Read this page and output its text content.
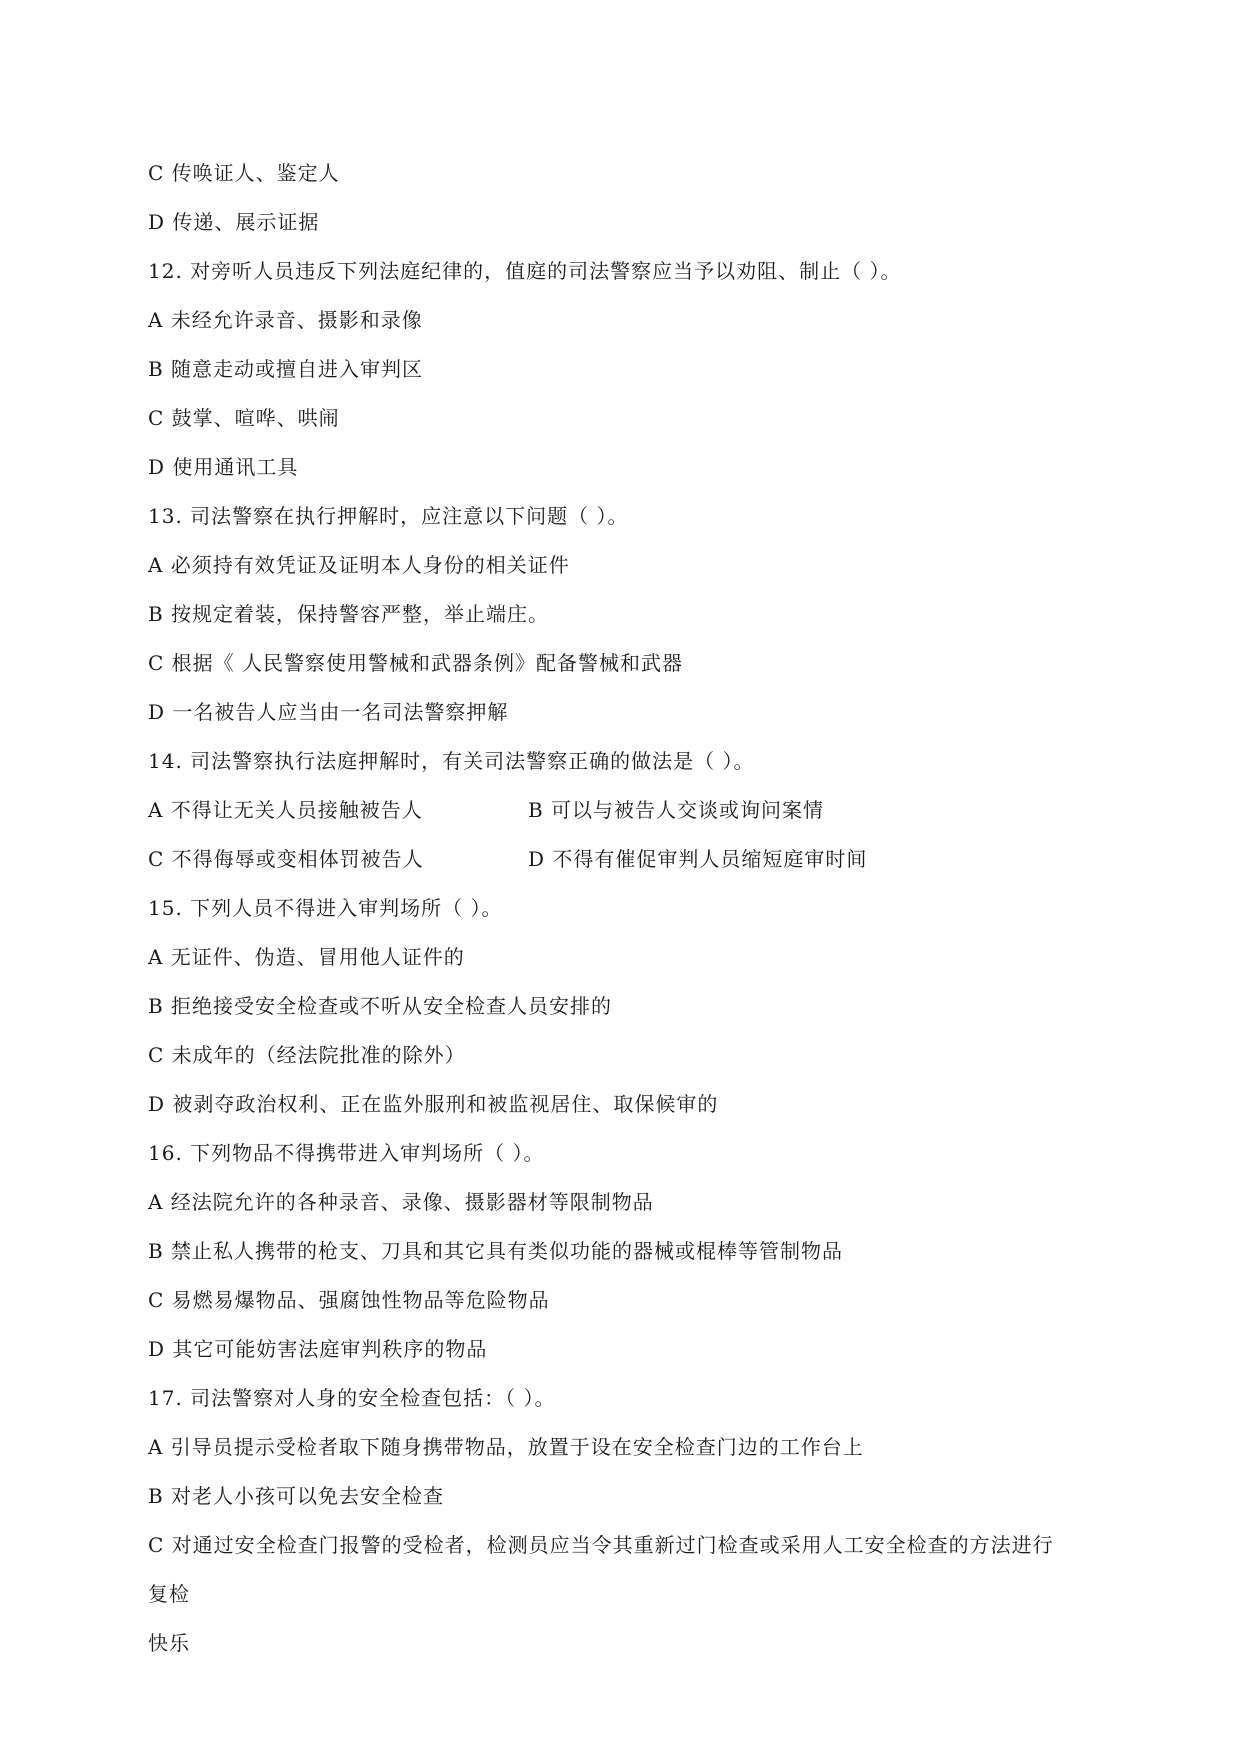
C 传唤证人、鉴定人
D 传递、展示证据
12. 对旁听人员违反下列法庭纪律的，值庭的司法警察应当予以劝阻、制止（ ）。
A 未经允许录音、摄影和录像
B 随意走动或擅自进入审判区
C 鼓掌、喧哗、哄闹
D 使用通讯工具
13. 司法警察在执行押解时，应注意以下问题（ ）。
A 必须持有效凭证及证明本人身份的相关证件
B 按规定着装，保持警容严整，举止端庄。
C 根据《 人民警察使用警械和武器条例》配备警械和武器
D 一名被告人应当由一名司法警察押解
14. 司法警察执行法庭押解时，有关司法警察正确的做法是（ ）。
A 不得让无关人员接触被告人	B 可以与被告人交谈或询问案情
C 不得侮辱或变相体罚被告人	D 不得有催促审判人员缩短庭审时间
15. 下列人员不得进入审判场所（ ）。
A 无证件、伪造、冒用他人证件的
B 拒绝接受安全检查或不听从安全检查人员安排的
C 未成年的（经法院批准的除外）
D 被剥夺政治权利、正在监外服刑和被监视居住、取保候审的
16. 下列物品不得携带进入审判场所（ ）。
A 经法院允许的各种录音、录像、摄影器材等限制物品
B 禁止私人携带的枪支、刀具和其它具有类似功能的器械或棍棒等管制物品
C 易燃易爆物品、强腐蚀性物品等危险物品
D 其它可能妨害法庭审判秩序的物品
17. 司法警察对人身的安全检查包括：（ ）。
A 引导员提示受检者取下随身携带物品，放置于设在安全检查门边的工作台上
B 对老人小孩可以免去安全检查
C 对通过安全检查门报警的受检者，检测员应当令其重新过门检查或采用人工安全检查的方法进行
复检
快乐
